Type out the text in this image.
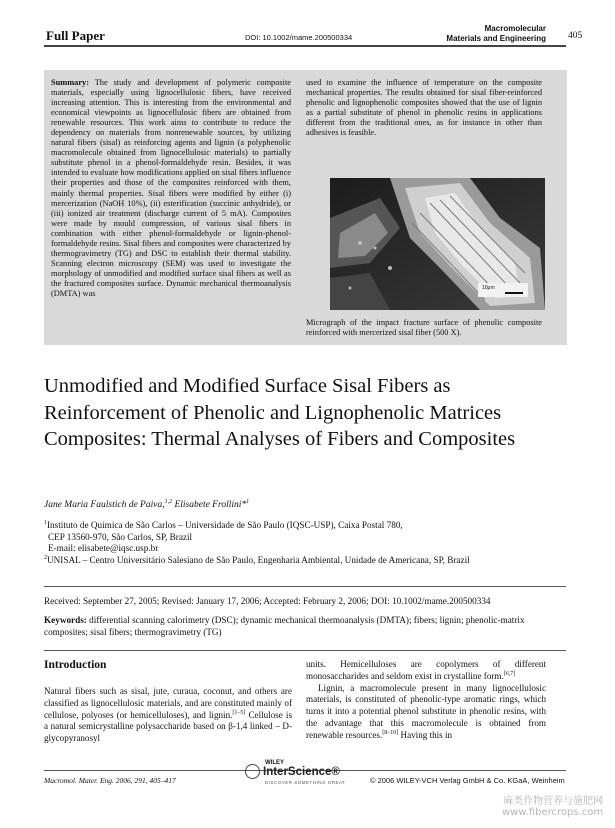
Full Paper	DOI: 10.1002/mame.200500334
Macromolecular
Materials and Engineering 405
Summary: The study and development of polymeric composite materials, especially using lignocellulosic fibers, have received increasing attention. This is interesting from the environmental and economical viewpoints as lignocellulosic fibers are obtained from renewable resources. This work aims to contribute to reduce the dependency on materials from nonrenewable sources, by utilizing natural fibers (sisal) as reinforcing agents and lignin (a polyphenolic macromolecule obtained from lignocellulosic materials) to partially substitute phenol in a phenol-formaldehyde resin. Besides, it was intended to evaluate how modifications applied on sisal fibers influence their properties and those of the composites reinforced with them, mainly thermal properties. Sisal fibers were modified by either (i) mercerization (NaOH 10%), (ii) esterification (succinic anhydride), or (iii) ionized air treatment (discharge current of 5 mA). Composites were made by mould compression, of various sisal fibers in combination with either phenol-formaldehyde or lignin-phenol-formaldehyde resins. Sisal fibers and composites were characterized by thermogravimetry (TG) and DSC to establish their thermal stability. Scanning electron microscopy (SEM) was used to investigate the morphology of unmodified and modified surface sisal fibers as well as the fractured composites surface. Dynamic mechanical thermoanalysis (DMTA) was
used to examine the influence of temperature on the composite mechanical properties. The results obtained for sisal fiber-reinforced phenolic and lignophenolic composites showed that the use of lignin as a partial substitute of phenol in phenolic resins in applications different from the traditional ones, as for instance in other than adhesives is feasible.
10μm
Micrograph of the impact fracture surface of phenolic composite reinforced with mercerized sisal fiber (500 X).
Unmodified and Modified Surface Sisal Fibers as Reinforcement of Phenolic and Lignophenolic Matrices Composites: Thermal Analyses of Fibers and Composites
Jane Maria Faulstich de Paiva,$^{1,2}$ Elisabete Frollini*$^1$
$^1$Instituto de Química de São Carlos – Universidade de São Paulo (IQSC-USP), Caixa Postal 780,
CEP 13560-970, São Carlos, SP, Brazil
E-mail: elisabete@iqsc.usp.br
$^2$UNISAL – Centro Universitário Salesiano de São Paulo, Engenharia Ambiental, Unidade de Americana, SP, Brazil
Received: September 27, 2005; Revised: January 17, 2006; Accepted: February 2, 2006; DOI: 10.1002/mame.200500334
Keywords: differential scanning calorimetry (DSC); dynamic mechanical thermoanalysis (DMTA); fibers; lignin; phenolic-matrix composites; sisal fibers; thermogravimetry (TG)
Introduction
Natural fibers such as sisal, jute, curaua, coconut, and others are classified as lignocellulosic materials, and are constituted mainly of cellulose, polyoses (or hemicelluloses), and lignin.[1–5] Cellulose is a natural semicrystalline polysaccharide based on β-1,4 linked – D-glycopyranosyl
units. Hemicelluloses are copolymers of different monosaccharides and seldom exist in crystalline form.[6,7]
Lignin, a macromolecule present in many lignocellulosic materials, is constituted of phenolic-type aromatic rings, which turns it into a potential phenol substitute in phenolic resins, with the advantage that this macromolecule is obtained from renewable resources.[8–10] Having this in
Macromol. Mater. Eng. 2006, 291, 405–417
WILEY
InterScience®
DISCOVER SOMETHING GREAT	© 2006 WILEY-VCH Verlag GmbH & Co. KGaA, Weinheim
麻类作物营养与施肥网
www.fibercrops.com
